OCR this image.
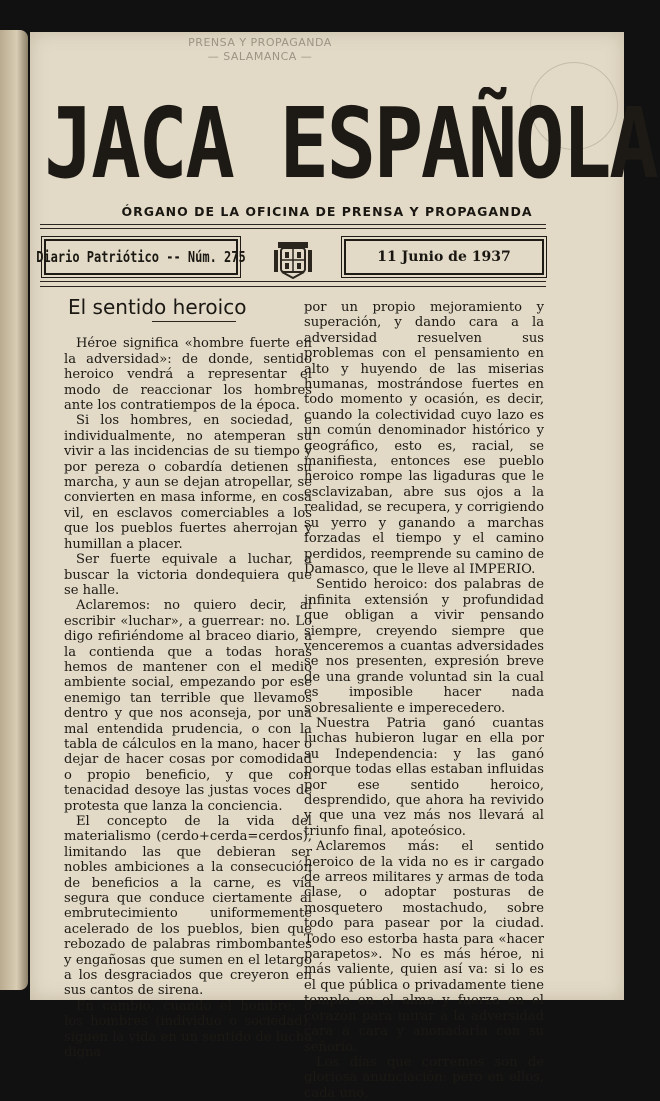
PRENSA Y PROPAGANDA
— SALAMANCA —
JACA ESPAÑOLA
ÓRGANO DE LA OFICINA DE PRENSA Y PROPAGANDA
Diario Patriótico -- Núm. 275	11 Junio de 1937

El sentido heroico

Héroe significa «hombre fuerte en la adversidad»: de donde, sentido heroico vendrá a representar el modo de reaccionar los hombres ante los contratiempos de la época.

Si los hombres, en sociedad, e individualmente, no atemperan su vivir a las incidencias de su tiempo y por pereza o cobardía detienen su marcha, y aun se dejan atropellar, se convierten en masa informe, en cosa vil, en esclavos comerciables a los que los pueblos fuertes aherrojan y humillan a placer.

Ser fuerte equivale a luchar, a buscar la victoria dondequiera que se halle.

Aclaremos: no quiero decir, al escribir «luchar», a guerrear: no. Lo digo refiriéndome al braceo diario, a la contienda que a todas horas hemos de mantener con el medio ambiente social, empezando por ese enemigo tan terrible que llevamos dentro y que nos aconseja, por una mal entendida prudencia, o con la tabla de cálculos en la mano, hacer o dejar de hacer cosas por comodidad o propio beneficio, y que con tenacidad desoye las justas voces de protesta que lanza la conciencia.

El concepto de la vida del materialismo (cerdo+cerda=cerdos), limitando las que debieran ser nobles ambiciones a la consecución de beneficios a la carne, es vía segura que conduce ciertamente al embrutecimiento uniformemente acelerado de los pueblos, bien que rebozado de palabras rimbombantes y engañosas que sumen en el letargo a los desgraciados que creyeron en sus cantos de sirena.

En cambio, cuando el hombre, o los hombres (individuo o sociedad), siguen la vida en un sentido de lucha digna

por un propio mejoramiento y superación, y dando cara a la adversidad resuelven sus problemas con el pensamiento en alto y huyendo de las miserias humanas, mostrándose fuertes en todo momento y ocasión, es decir, cuando la colectividad cuyo lazo es un común denominador histórico y geográfico, esto es, racial, se manifiesta, entonces ese pueblo heroico rompe las ligaduras que le esclavizaban, abre sus ojos a la realidad, se recupera, y corrigiendo su yerro y ganando a marchas forzadas el tiempo y el camino perdidos, reemprende su camino de Damasco, que le lleve al IMPERIO.

Sentido heroico: dos palabras de infinita extensión y profundidad que obligan a vivir pensando siempre, creyendo siempre que venceremos a cuantas adversidades se nos presenten, expresión breve de una grande voluntad sin la cual es imposible hacer nada sobresaliente e imperecedero.

Nuestra Patria ganó cuantas luchas hubieron lugar en ella por su Independencia: y las ganó porque todas ellas estaban influidas por ese sentido heroico, desprendido, que ahora ha revivido y que una vez más nos llevará al triunfo final, apoteósico.

Aclaremos más: el sentido heroico de la vida no es ir cargado de arreos militares y armas de toda clase, o adoptar posturas de mosquetero mostachudo, sobre todo para pasear por la ciudad. Todo eso estorba hasta para «hacer parapetos». No es más héroe, ni más valiente, quien así va: si lo es el que pública o privadamente tiene temple en el alma y fuerza en el corazón para mirar a la adversidad cara a cara y anonadarla con su señorío.

Los días que corremos son de gloriosa anunciación: pero en ellos, cada uno,
